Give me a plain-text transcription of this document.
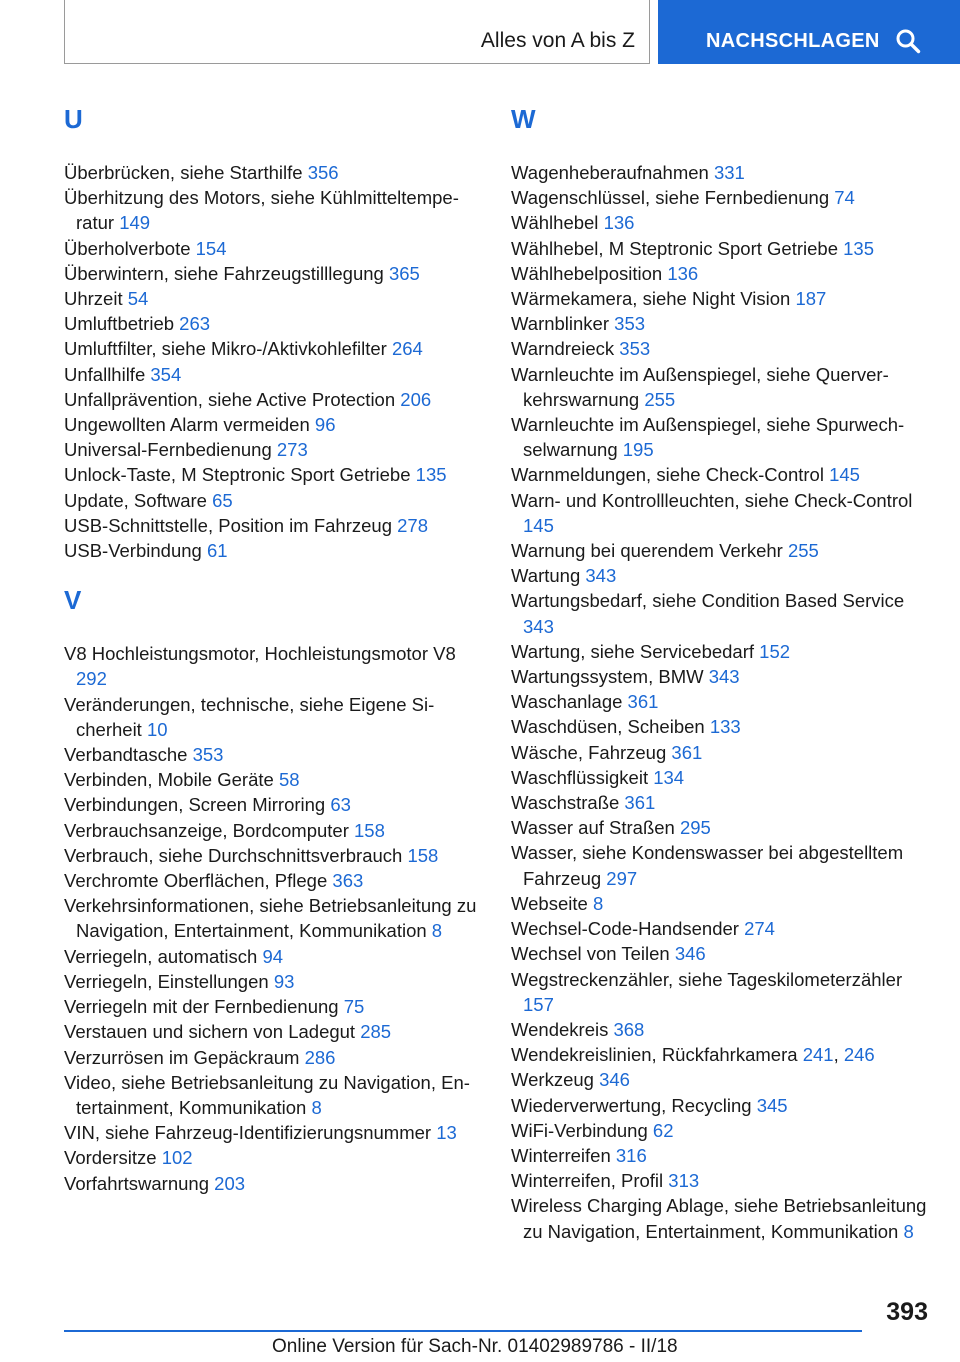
Alles von A bis Z	NACHSCHLAGEN
U
Überbrücken, siehe Starthilfe 356
Überhitzung des Motors, siehe Kühlmitteltemperatur 149
Überholverbote 154
Überwintern, siehe Fahrzeugstilllegung 365
Uhrzeit 54
Umluftbetrieb 263
Umluftfilter, siehe Mikro-/Aktivkohlefilter 264
Unfallhilfe 354
Unfallprävention, siehe Active Protection 206
Ungewollten Alarm vermeiden 96
Universal-Fernbedienung 273
Unlock-Taste, M Steptronic Sport Getriebe 135
Update, Software 65
USB-Schnittstelle, Position im Fahrzeug 278
USB-Verbindung 61
V
V8 Hochleistungsmotor, Hochleistungsmotor V8 292
Veränderungen, technische, siehe Eigene Sicherheit 10
Verbandtasche 353
Verbinden, Mobile Geräte 58
Verbindungen, Screen Mirroring 63
Verbrauchsanzeige, Bordcomputer 158
Verbrauch, siehe Durchschnittsverbrauch 158
Verchromte Oberflächen, Pflege 363
Verkehrsinformationen, siehe Betriebsanleitung zu Navigation, Entertainment, Kommunikation 8
Verriegeln, automatisch 94
Verriegeln, Einstellungen 93
Verriegeln mit der Fernbedienung 75
Verstauen und sichern von Ladegut 285
Verzurrösen im Gepäckraum 286
Video, siehe Betriebsanleitung zu Navigation, Entertainment, Kommunikation 8
VIN, siehe Fahrzeug-Identifizierungsnummer 13
Vordersitze 102
Vorfahrtswarnung 203
W
Wagenheberaufnahmen 331
Wagenschlüssel, siehe Fernbedienung 74
Wählhebel 136
Wählhebel, M Steptronic Sport Getriebe 135
Wählhebelposition 136
Wärmekamera, siehe Night Vision 187
Warnblinker 353
Warndreieck 353
Warnleuchte im Außenspiegel, siehe Querverkehrswarnung 255
Warnleuchte im Außenspiegel, siehe Spurwechselwarnung 195
Warnmeldungen, siehe Check-Control 145
Warn- und Kontrollleuchten, siehe Check-Control 145
Warnung bei querendem Verkehr 255
Wartung 343
Wartungsbedarf, siehe Condition Based Service 343
Wartung, siehe Servicebedarf 152
Wartungssystem, BMW 343
Waschanlage 361
Waschdüsen, Scheiben 133
Wäsche, Fahrzeug 361
Waschflüssigkeit 134
Waschstraße 361
Wasser auf Straßen 295
Wasser, siehe Kondenswasser bei abgestelltem Fahrzeug 297
Webseite 8
Wechsel-Code-Handsender 274
Wechsel von Teilen 346
Wegstreckenzähler, siehe Tageskilometerzähler 157
Wendekreis 368
Wendekreislinien, Rückfahrkamera 241, 246
Werkzeug 346
Wiederverwertung, Recycling 345
WiFi-Verbindung 62
Winterreifen 316
Winterreifen, Profil 313
Wireless Charging Ablage, siehe Betriebsanleitung zu Navigation, Entertainment, Kommunikation 8
393
Online Version für Sach-Nr. 01402989786 - II/18
